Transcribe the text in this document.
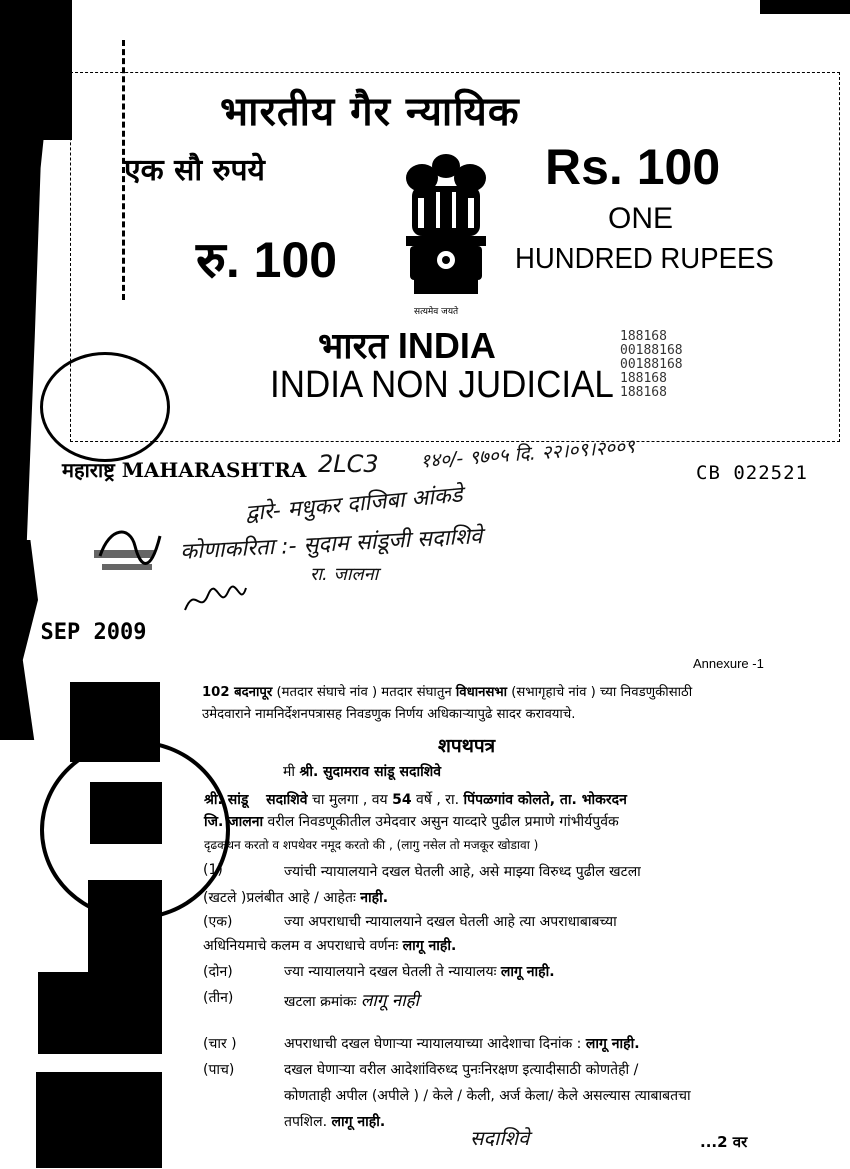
भारतीय गैर न्यायिक
एक सौ रुपये	Rs. 100
रु. 100
ONE
HUNDRED RUPEES
सत्यमेव जयते
भारत INDIA
INDIA NON JUDICIAL
188168
00188168
00188168
188168
188168
महाराष्ट्र MAHARASHTRA 2LC3 १४०/- ९७०५ दि. २२।०९।२००९
CB 022521
द्वारे- मधुकर दाजिबा आंकडे
कोणाकरिता :- सुदाम सांडूजी सदाशिवे
रा. जालना
8 SEP 2009
Annexure -1
102 बदनापूर (मतदार संघाचे नांव ) मतदार संघातुन विधानसभा (सभागृहाचे नांव ) च्या निवडणुकीसाठी
उमेदवाराने नामनिर्देशनपत्रासह निवडणुक निर्णय अधिकाऱ्यापुढे सादर करावयाचे.
शपथपत्र
मी श्री. सुदामराव सांडू सदाशिवे
श्री. सांडू सदाशिवे चा मुलगा , वय 54 वर्षे , रा. पिंपळगांव कोलते, ता. भोकरदन
जि. जालना वरील निवडणूकीतील उमेदवार असुन याव्दारे पुढील प्रमाणे गांभीर्यपुर्वक
दृढकथन करतो व शपथेवर नमूद करतो की , (लागु नसेल तो मजकूर खोडावा )
(1)	ज्यांची न्यायालयाने दखल घेतली आहे, असे माझ्या विरुध्द पुढील खटला
(खटले )प्रलंबीत आहे / आहेतः नाही.
(एक)	ज्या अपराधाची न्यायालयाने दखल घेतली आहे त्या अपराधाबाबच्या
अधिनियमाचे कलम व अपराधाचे वर्णनः लागू नाही.
(दोन)	ज्या न्यायालयाने दखल घेतली ते न्यायालयः लागू नाही.
(तीन)	खटला क्रमांकः लागू नाही
(चार )	अपराधाची दखल घेणाऱ्या न्यायालयाच्या आदेशाचा दिनांक : लागू नाही.
(पाच)	दखल घेणाऱ्या वरील आदेशांविरुध्द पुनःनिरक्षण इत्यादीसाठी कोणतेही /
कोणताही अपील (अपीले ) / केले / केली, अर्ज केला/ केले असल्यास त्याबाबतचा
तपशिल. लागू नाही.
सदाशिवे	...2 वर
